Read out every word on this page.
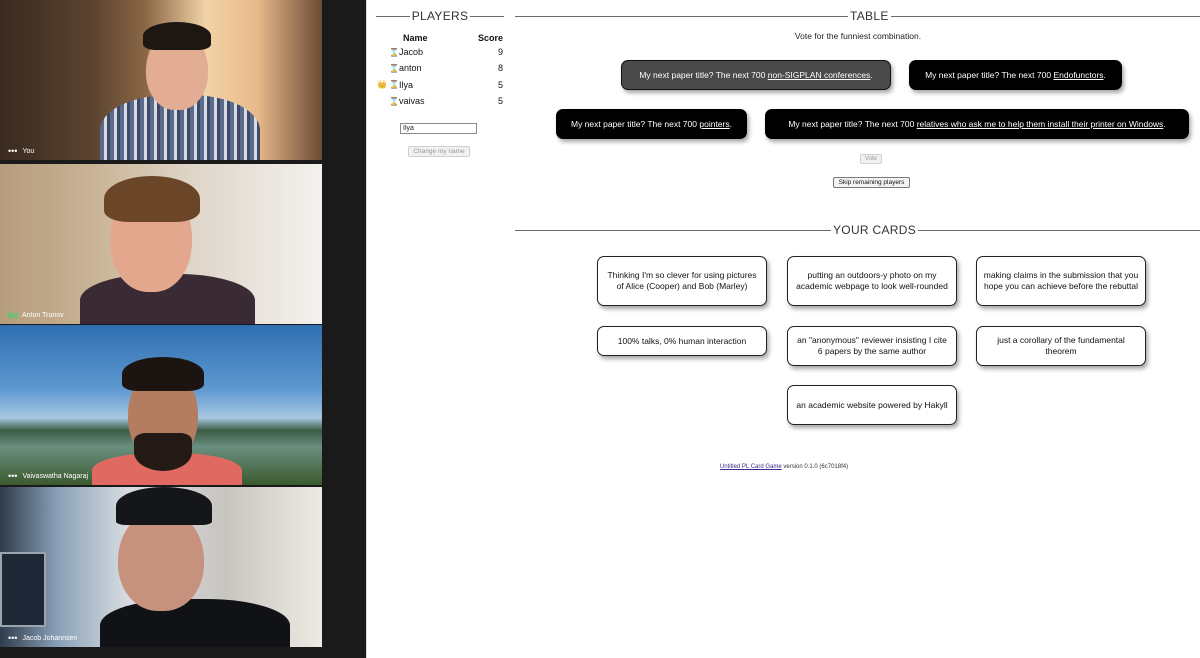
••• You
Anton Trunov
••• Vaivaswatha Nagaraj
••• Jacob Johannsen
PLAYERS
Name	Score
⌛ Jacob	9
⌛ anton	8
👑 ⌛ Ilya	5
⌛ vaivas	5
Ilya
Change my name
TABLE
Vote for the funniest combination.
My next paper title? The next 700
non-SIGPLAN conferences .	My next paper title? The next 700
Endofunctors .
My next paper title? The next 700
pointers .	My next paper title? The next 700
relatives who ask me to help them install their printer on Windows .
Vote
Skip remaining players
YOUR CARDS
Thinking I'm so clever for using pictures of Alice (Cooper) and Bob (Marley)
putting an outdoors-y photo on my academic webpage to look well-rounded
making claims in the submission that you hope you can achieve before the rebuttal
100% talks, 0% human interaction	an "anonymous" reviewer insisting I cite 6 papers by the same author
just a corollary of the fundamental theorem
an academic website powered by Hakyll
Untitled PL Card Game version 0.1.0 (6c7018f4)
